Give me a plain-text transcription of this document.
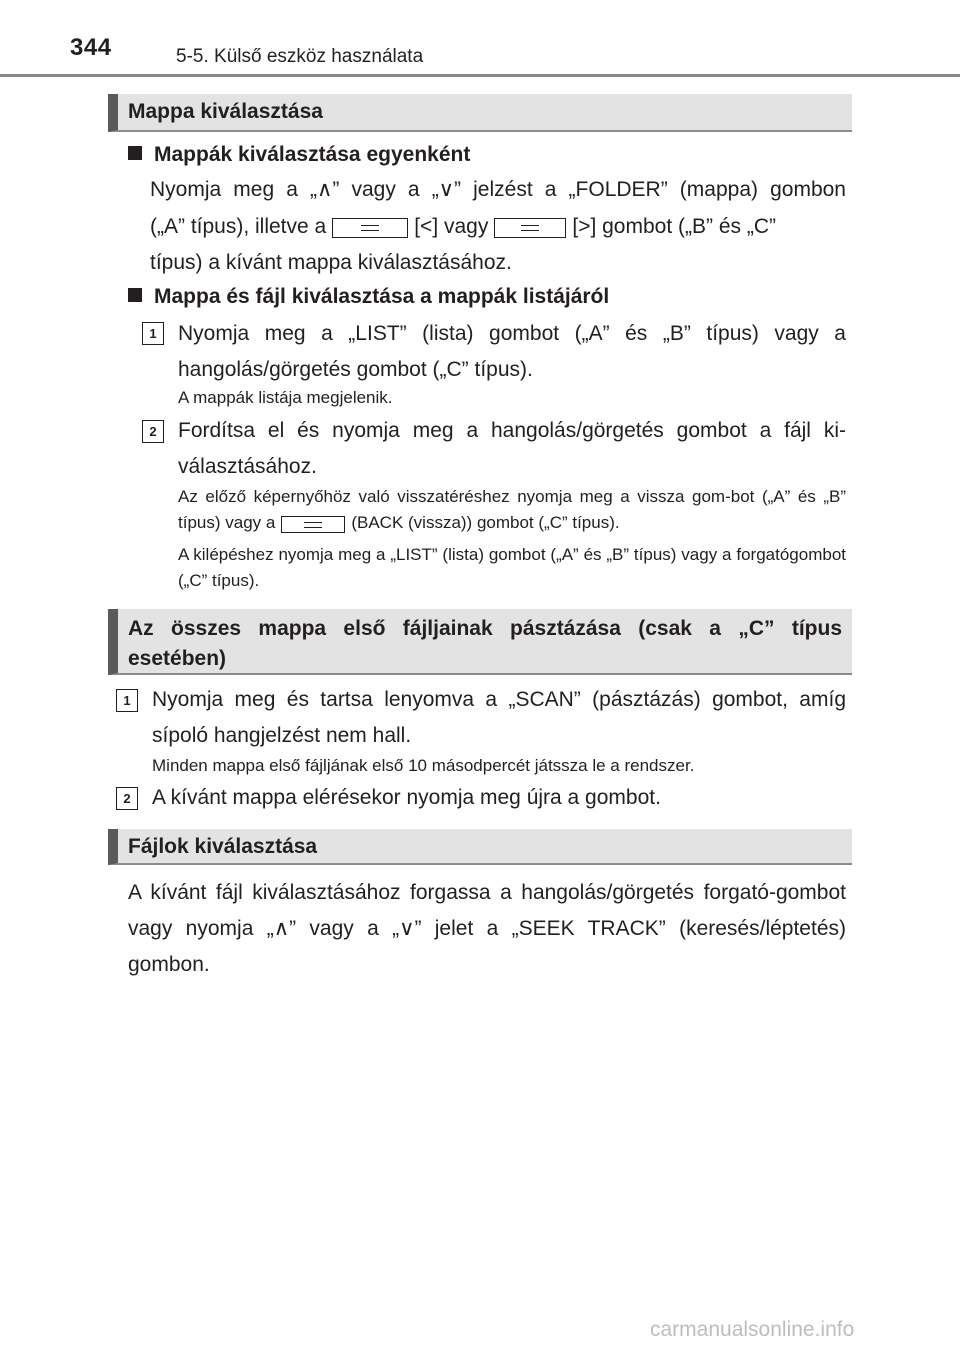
344	5-5. Külső eszköz használata
Mappa kiválasztása
Mappák kiválasztása egyenként
Nyomja meg a „∧” vagy a „∨” jelzést a „FOLDER” (mappa) gombon
(„A” típus), illetve a	[<] vagy	[>] gombot („B” és „C”
típus) a kívánt mappa kiválasztásához.
Mappa és fájl kiválasztása a mappák listájáról
1	Nyomja meg a „LIST” (lista) gombot („A” és „B” típus) vagy a hangolás/görgetés gombot („C” típus).
A mappák listája megjelenik.
2	Fordítsa el és nyomja meg a hangolás/görgetés gombot a fájl ki-választásához.
Az előző képernyőhöz való visszatéréshez nyomja meg a vissza gom-bot („A” és „B” típus) vagy a	(BACK (vissza)) gombot („C” típus).
A kilépéshez nyomja meg a „LIST” (lista) gombot („A” és „B” típus) vagy a forgatógombot („C” típus).
Az összes mappa első fájljainak pásztázása (csak a „C” típus
esetében)
1	Nyomja meg és tartsa lenyomva a „SCAN” (pásztázás) gombot, amíg sípoló hangjelzést nem hall.
Minden mappa első fájljának első 10 másodpercét játssza le a rendszer.
2	A kívánt mappa elérésekor nyomja meg újra a gombot.
Fájlok kiválasztása
A kívánt fájl kiválasztásához forgassa a hangolás/görgetés forgató-gombot vagy nyomja „∧” vagy a „∨” jelet a „SEEK TRACK” (keresés/léptetés) gombon.
carmanualsonline.info
